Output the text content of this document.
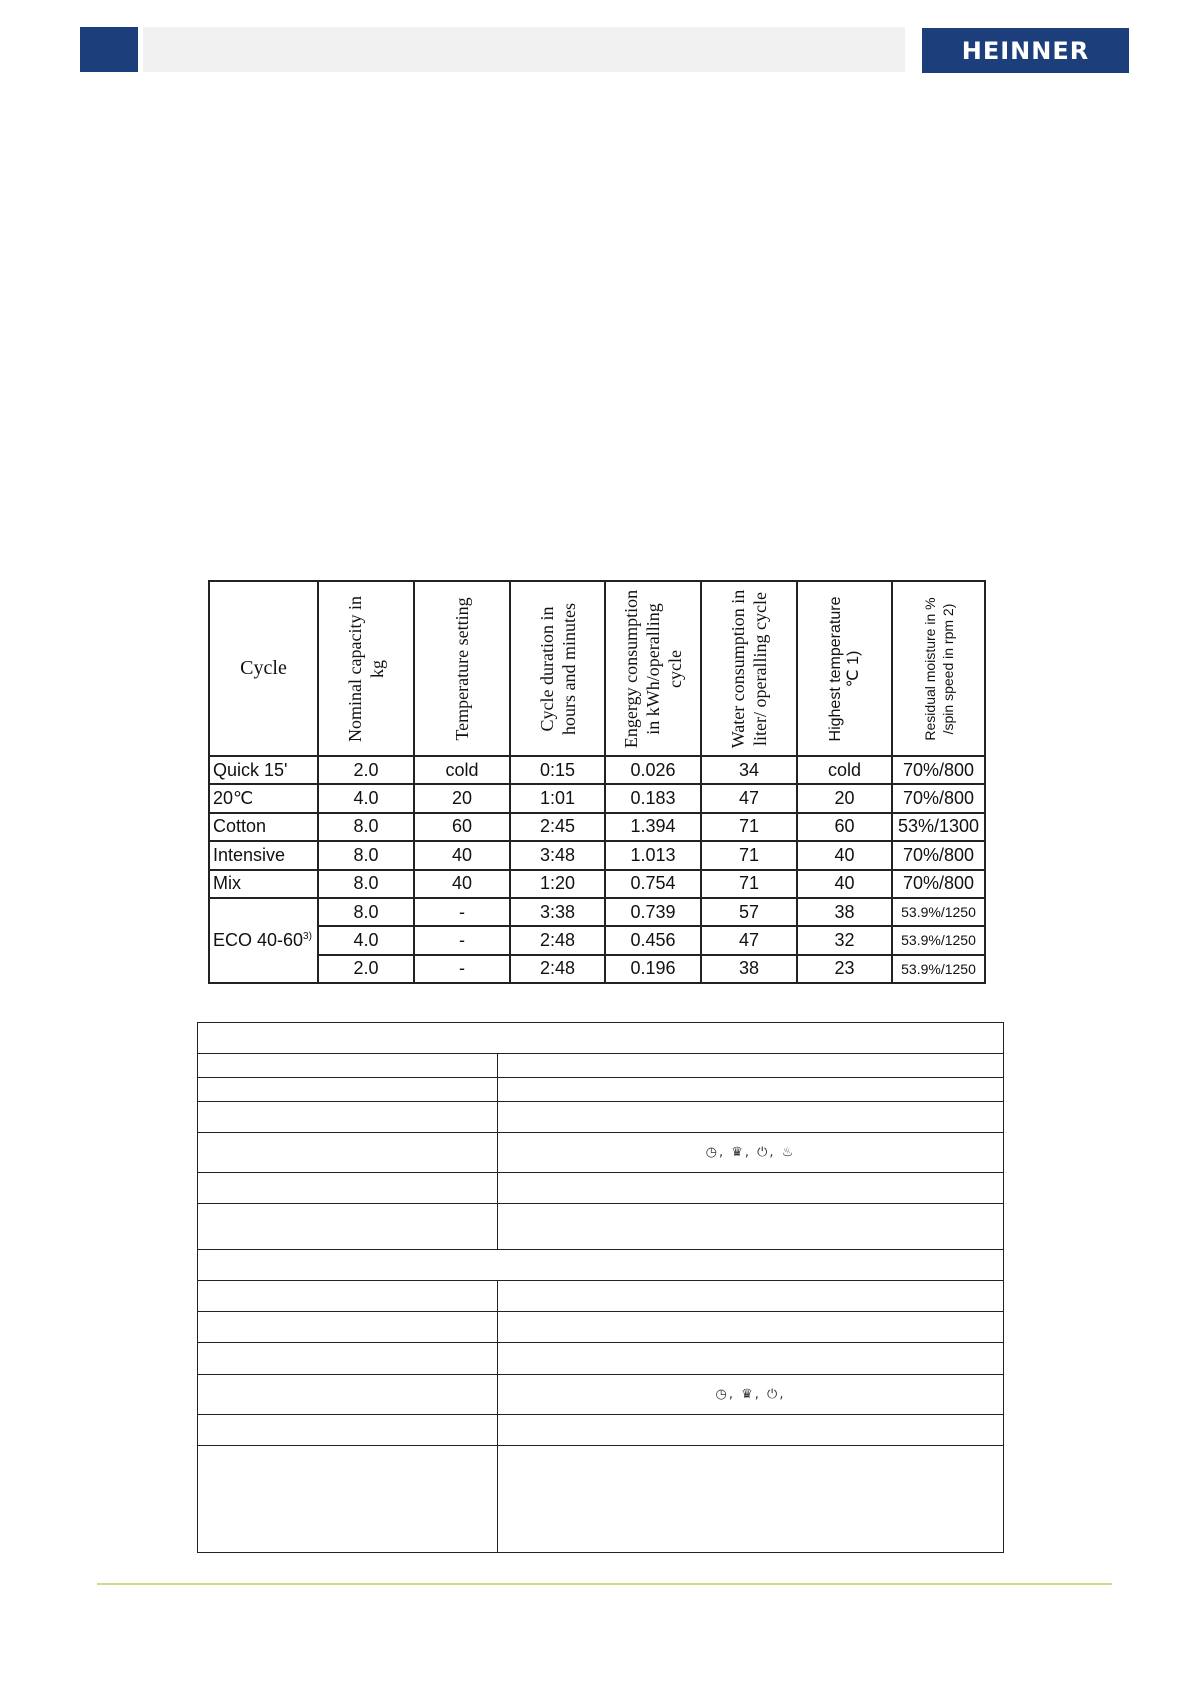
HEINNER
Cycle	Nominal capacity in kg	Temperature setting	Cycle duration in hours and minutes	Engergy consumption in kWh/operalling cycle	Water consumption in liter/ operalling cycle	Highest temperature ℃ 1)	Residual moisture in % /spin speed in rpm 2)

Quick 15'	2.0	cold	0:15	0.026	34	cold	70%/800
20℃	4.0	20	1:01	0.183	47	20	70%/800
Cotton	8.0	60	2:45	1.394	71	60	53%/1300
Intensive	8.0	40	3:48	1.013	71	40	70%/800
Mix	8.0	40	1:20	0.754	71	40	70%/800
ECO 40-60$^{3)}$	8.0	-	3:38	0.739	57	38	53.9%/1250
	4.0	-	2:48	0.456	47	32	53.9%/1250
	2.0	-	2:48	0.196	38	23	53.9%/1250

	◷, ♛, ⏻, ♨

	◷, ♛, ⏻,
